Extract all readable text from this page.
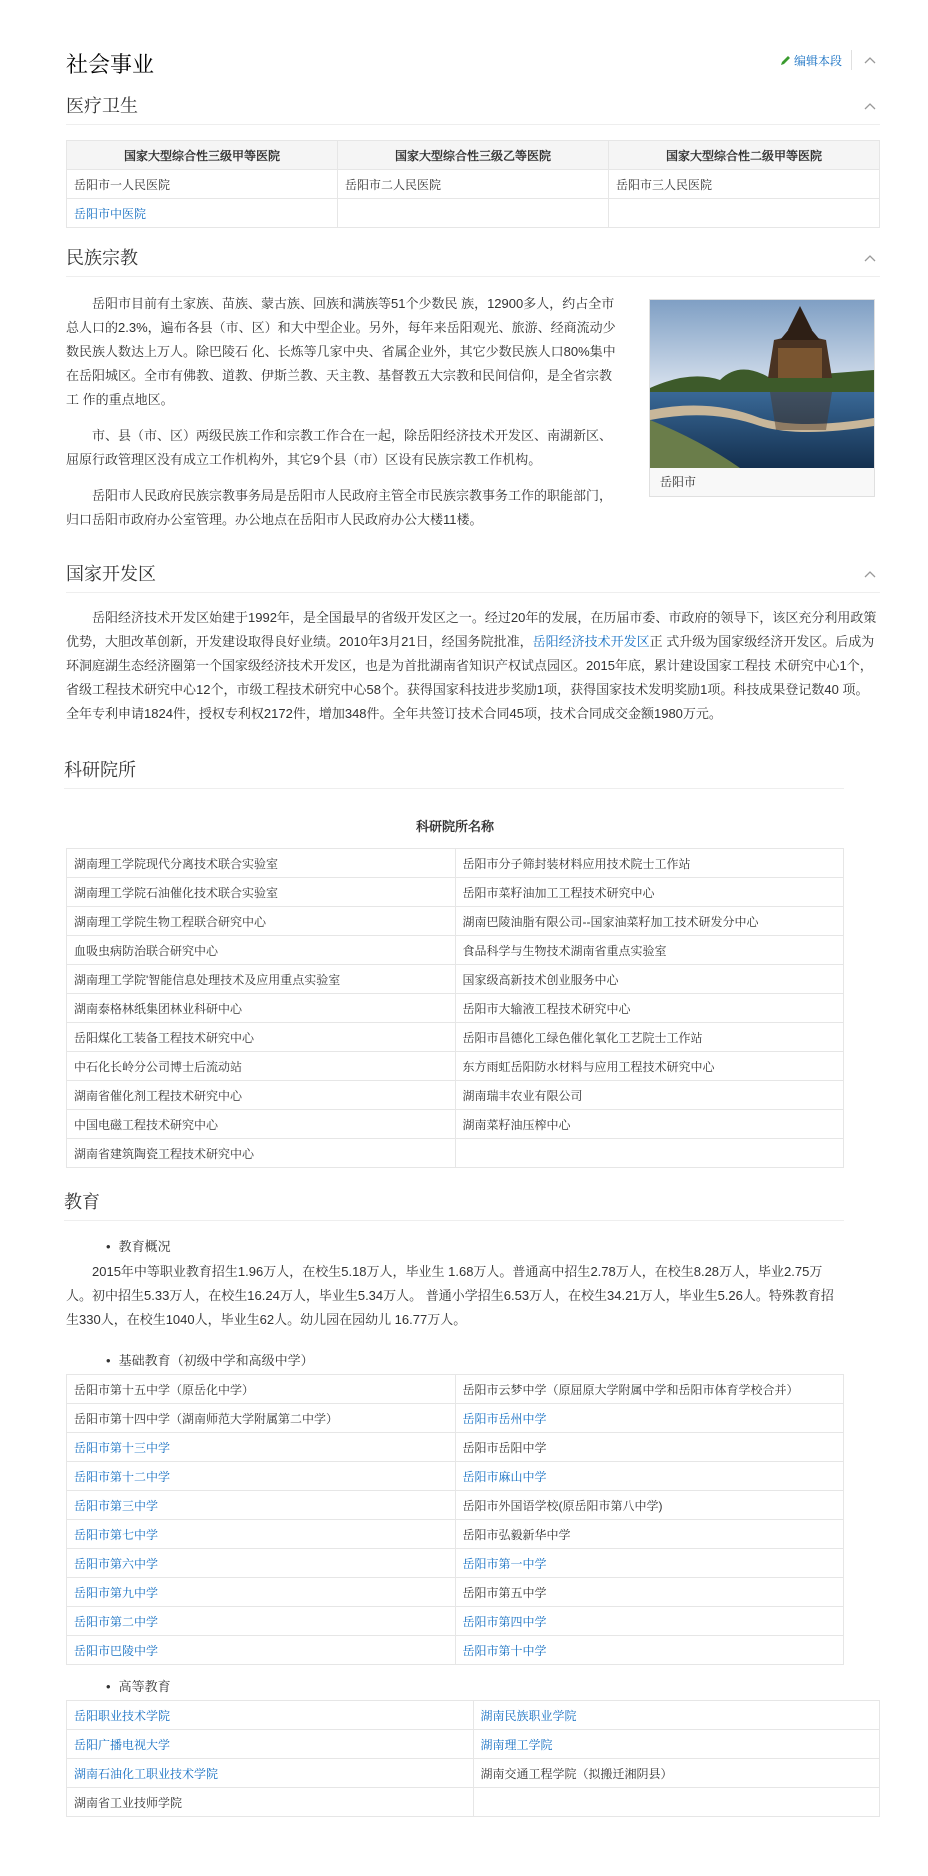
社会事业	编辑本段
医疗卫生
国家大型综合性三级甲等医院	国家大型综合性三级乙等医院	国家大型综合性二级甲等医院
岳阳市一人民医院	岳阳市二人民医院	岳阳市三人民医院
岳阳市中医院		
民族宗教

岳阳市目前有土家族、苗族、蒙古族、回族和满族等51个少数民 族，12900多人，约占全市总人口的2.3%，遍布各县（市、区）和大中型企业。另外，每年来岳阳观光、旅游、经商流动少数民族人数达上万人。除巴陵石 化、长炼等几家中央、省属企业外，其它少数民族人口80%集中在岳阳城区。全市有佛教、道教、伊斯兰教、天主教、基督教五大宗教和民间信仰，是全省宗教工 作的重点地区。

市、县（市、区）两级民族工作和宗教工作合在一起，除岳阳经济技术开发区、南湖新区、屈原行政管理区没有成立工作机构外，其它9个县（市）区设有民族宗教工作机构。

岳阳市人民政府民族宗教事务局是岳阳市人民政府主管全市民族宗教事务工作的职能部门，归口岳阳市政府办公室管理。办公地点在岳阳市人民政府办公大楼11楼。

岳阳市
国家开发区

岳阳经济技术开发区始建于1992年，是全国最早的省级开发区之一。经过20年的发展，在历届市委、市政府的领导下，该区充分利用政策优势，大胆改革创新，开发建设取得良好业绩。2010年3月21日，经国务院批准，岳阳经济技术开发区正 式升级为国家级经济开发区。后成为环洞庭湖生态经济圈第一个国家级经济技术开发区，也是为首批湖南省知识产权试点园区。2015年底，累计建设国家工程技 术研究中心1个，省级工程技术研究中心12个，市级工程技术研究中心58个。获得国家科技进步奖励1项，获得国家技术发明奖励1项。科技成果登记数40 项。全年专利申请1824件，授权专利权2172件，增加348件。全年共签订技术合同45项，技术合同成交金额1980万元。

科研院所
科研院所名称
湖南理工学院现代分离技术联合实验室	岳阳市分子筛封装材料应用技术院士工作站
湖南理工学院石油催化技术联合实验室	岳阳市菜籽油加工工程技术研究中心
湖南理工学院生物工程联合研究中心	湖南巴陵油脂有限公司--国家油菜籽加工技术研发分中心
血吸虫病防治联合研究中心	食品科学与生物技术湖南省重点实验室
湖南理工学院'智能信息处理技术及应用重点实验室	国家级高新技术创业服务中心
湖南泰格林纸集团林业科研中心	岳阳市大输液工程技术研究中心
岳阳煤化工装备工程技术研究中心	岳阳市昌德化工绿色催化氧化工艺院士工作站
中石化长岭分公司博士后流动站	东方雨虹岳阳防水材料与应用工程技术研究中心
湖南省催化剂工程技术研究中心	湖南瑞丰农业有限公司
中国电磁工程技术研究中心	湖南菜籽油压榨中心
湖南省建筑陶瓷工程技术研究中心	
教育
• 教育概况

2015年中等职业教育招生1.96万人，在校生5.18万人，毕业生 1.68万人。普通高中招生2.78万人，在校生8.28万人，毕业2.75万人。初中招生5.33万人，在校生16.24万人，毕业生5.34万人。 普通小学招生6.53万人，在校生34.21万人，毕业生5.26人。特殊教育招生330人，在校生1040人，毕业生62人。幼儿园在园幼儿 16.77万人。

• 基础教育（初级中学和高级中学）
岳阳市第十五中学（原岳化中学）	岳阳市云梦中学（原屈原大学附属中学和岳阳市体育学校合并）
岳阳市第十四中学（湖南师范大学附属第二中学）	岳阳市岳州中学
岳阳市第十三中学	岳阳市岳阳中学
岳阳市第十二中学	岳阳市麻山中学
岳阳市第三中学	岳阳市外国语学校(原岳阳市第八中学)
岳阳市第七中学	岳阳市弘毅新华中学
岳阳市第六中学	岳阳市第一中学
岳阳市第九中学	岳阳市第五中学
岳阳市第二中学	岳阳市第四中学
岳阳市巴陵中学	岳阳市第十中学
• 高等教育
岳阳职业技术学院	湖南民族职业学院
岳阳广播电视大学	湖南理工学院
湖南石油化工职业技术学院	湖南交通工程学院（拟搬迁湘阴县）
湖南省工业技师学院	
